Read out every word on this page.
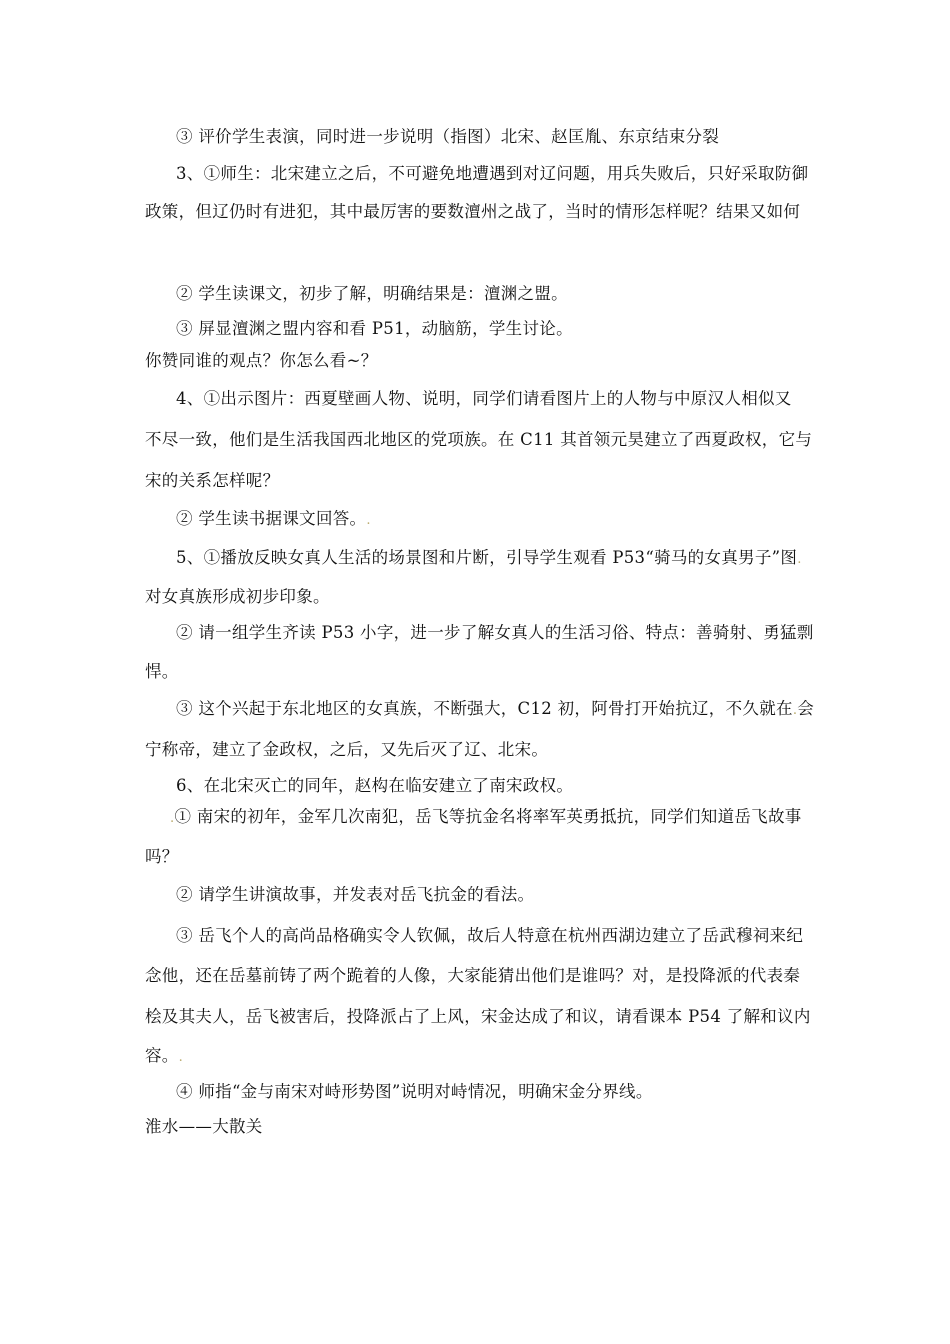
③ 评价学生表演，同时进一步说明（指图）北宋、赵匡胤、东京结束分裂
3、①师生：北宋建立之后，不可避免地遭遇到对辽问题，用兵失败后，只好采取防御
政策，但辽仍时有进犯，其中最厉害的要数澶州之战了，当时的情形怎样呢？结果又如何
② 学生读课文，初步了解，明确结果是：澶渊之盟。
③ 屏显澶渊之盟内容和看 P51，动脑筋，学生讨论。
你赞同谁的观点？你怎么看~？
4、①出示图片：西夏壁画人物、说明，同学们请看图片上的人物与中原汉人相似又
不尽一致，他们是生活我国西北地区的党项族。在 C11 其首领元昊建立了西夏政权，它与
宋的关系怎样呢？
② 学生读书据课文回答。.
5、①播放反映女真人生活的场景图和片断，引导学生观看 P53“骑马的女真男子”图.
对女真族形成初步印象。
② 请一组学生齐读 P53 小字，进一步了解女真人的生活习俗、特点：善骑射、勇猛剽
悍。
③ 这个兴起于东北地区的女真族，不断强大，C12 初，阿骨打开始抗辽，不久就在.会
宁称帝，建立了金政权，之后，又先后灭了辽、北宋。
6、在北宋灭亡的同年，赵构在临安建立了南宋政权。
.① 南宋的初年，金军几次南犯，岳飞等抗金名将率军英勇抵抗，同学们知道岳飞故事
吗？
② 请学生讲演故事，并发表对岳飞抗金的看法。
③ 岳飞个人的高尚品格确实令人钦佩，故后人特意在杭州西湖边建立了岳武穆祠来纪
念他，还在岳墓前铸了两个跪着的人像，大家能猜出他们是谁吗？对，是投降派的代表秦
桧及其夫人，岳飞被害后，投降派占了上风，宋金达成了和议，请看课本 P54 了解和议内
容。.
④ 师指“金与南宋对峙形势图”说明对峙情况，明确宋金分界线。
淮水——大散关
